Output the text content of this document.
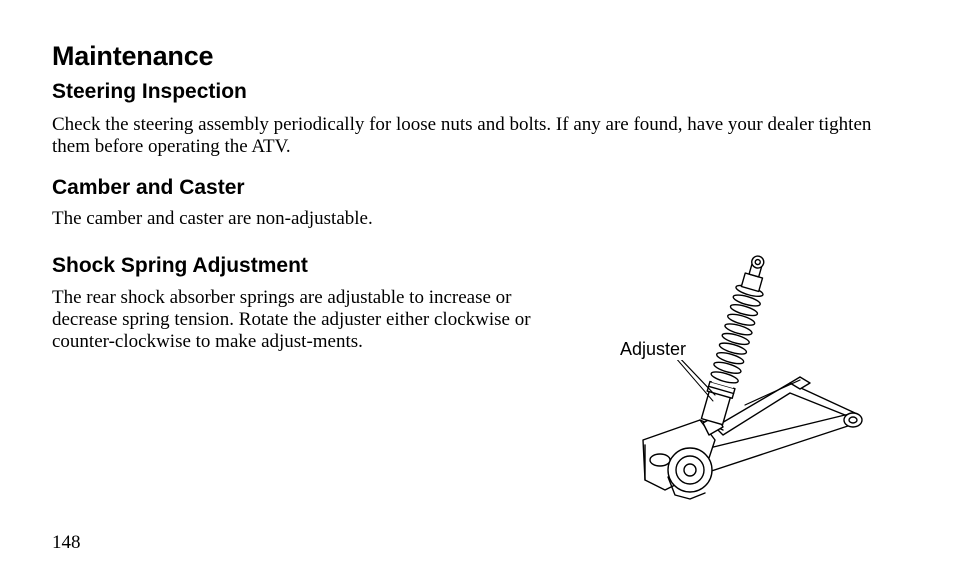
Maintenance
Steering Inspection

Check the steering assembly periodically for loose nuts and bolts. If any are found, have your dealer tighten them before operating the ATV.

Camber and Caster

The camber and caster are non-adjustable.

Shock Spring Adjustment

The rear shock absorber springs are adjustable to increase or decrease spring tension. Rotate the adjuster either clockwise or counter-clockwise to make adjust-ments.	Adjuster

148
